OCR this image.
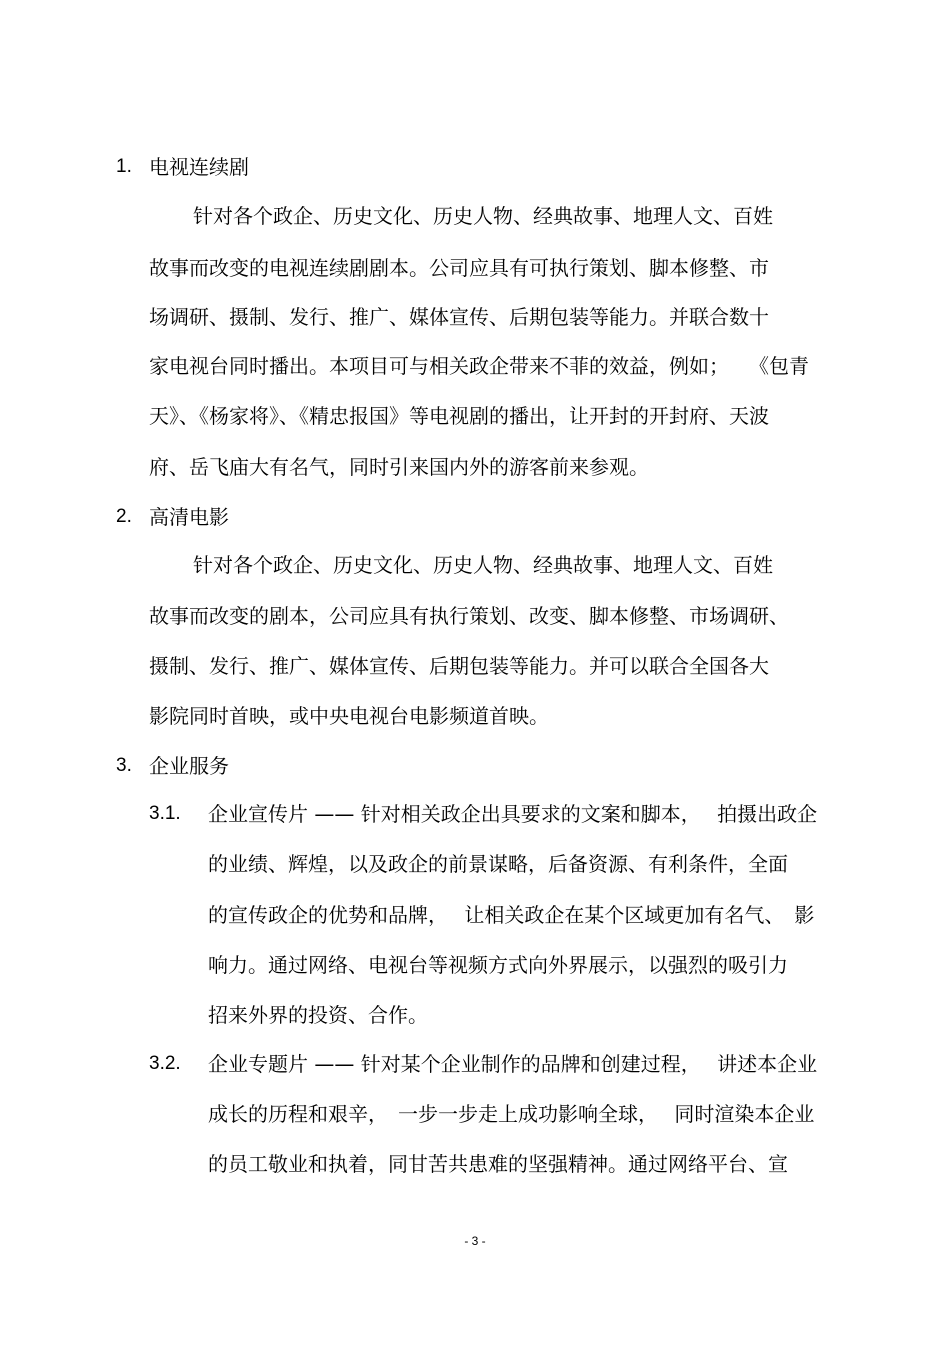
1. 电视连续剧
针对各个政企、历史文化、历史人物、经典故事、地理人文、百姓
故事而改变的电视连续剧剧本。公司应具有可执行策划、脚本修整、市
场调研、摄制、发行、推广、媒体宣传、后期包装等能力。并联合数十
家电视台同时播出。本项目可与相关政企带来不菲的效益，例如；　　《包青
天》、《杨家将》、《精忠报国》等电视剧的播出，让开封的开封府、天波
府、岳飞庙大有名气，同时引来国内外的游客前来参观。
2. 高清电影
针对各个政企、历史文化、历史人物、经典故事、地理人文、百姓
故事而改变的剧本，公司应具有执行策划、改变、脚本修整、市场调研、
摄制、发行、推广、媒体宣传、后期包装等能力。并可以联合全国各大
影院同时首映，或中央电视台电影频道首映。
3. 企业服务
3.1. 企业宣传片 —— 针对相关政企出具要求的文案和脚本，　 拍摄出政企
的业绩、辉煌，以及政企的前景谋略，后备资源、有利条件，全面
的宣传政企的优势和品牌，　 让相关政企在某个区域更加有名气、　影
响力。通过网络、电视台等视频方式向外界展示，以强烈的吸引力
招来外界的投资、合作。
3.2. 企业专题片 —— 针对某个企业制作的品牌和创建过程，　 讲述本企业
成长的历程和艰辛，　一步一步走上成功影响全球，　 同时渲染本企业
的员工敬业和执着，同甘苦共患难的坚强精神。通过网络平台、宣
- 3 -
